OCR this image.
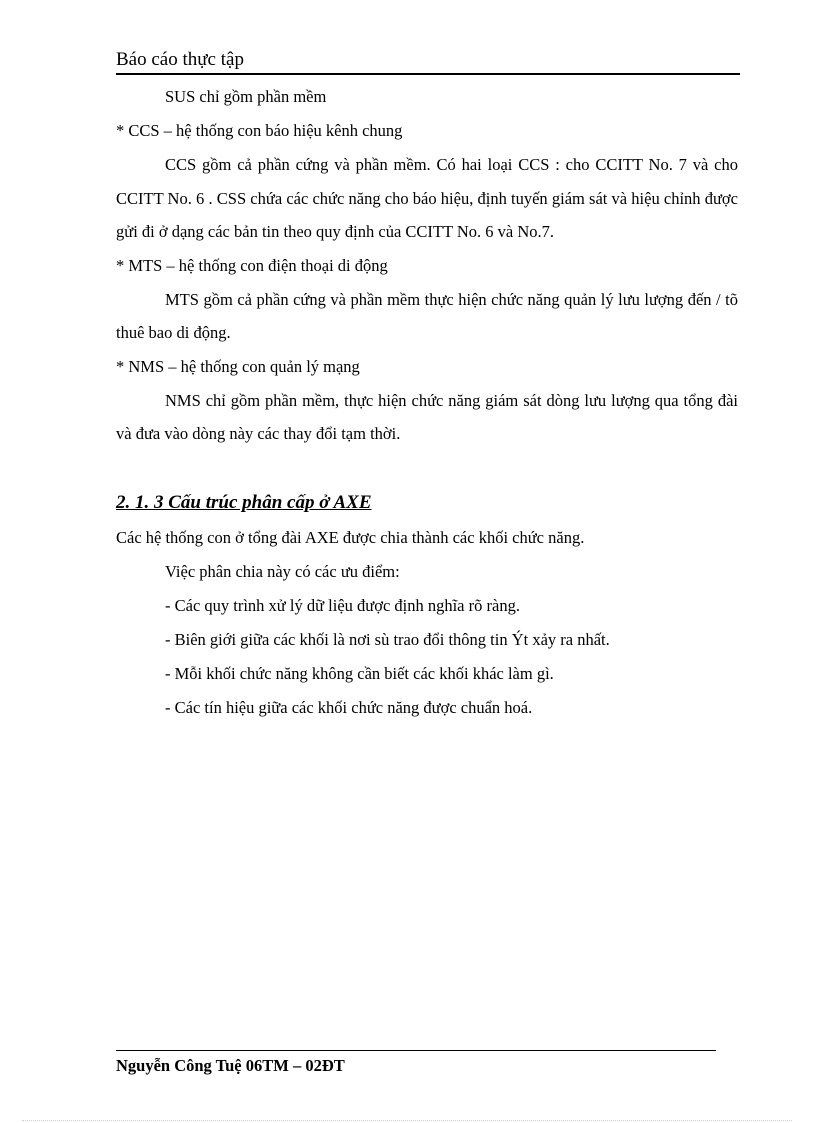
Báo cáo thực tập
SUS chỉ gồm phần mềm
* CCS – hệ thống con báo hiệu kênh chung

CCS gồm cả phần cứng và phần mềm. Có hai loại CCS : cho CCITT No. 7 và cho CCITT No. 6 . CSS chứa các chức năng cho báo hiệu, định tuyến giám sát và hiệu chỉnh được gửi đi ở dạng các bản tin theo quy định của CCITT No. 6 và No.7.

* MTS – hệ thống con điện thoại di động

MTS gồm cả phần cứng và phần mềm thực hiện chức năng quản lý lưu lượng đến / tõ thuê bao di động.

* NMS – hệ thống con quản lý mạng

NMS chỉ gồm phần mềm, thực hiện chức năng giám sát dòng lưu lượng qua tổng đài và đưa vào dòng này các thay đổi tạm thời.

2. 1. 3 Cấu trúc phân cấp ở AXE
Các hệ thống con ở tổng đài AXE được chia thành các khối chức năng.
Việc phân chia này có các ưu điểm:
- Các quy trình xử lý dữ liệu được định nghĩa rõ ràng.
- Biên giới giữa các khối là nơi sù trao đổi thông tin Ýt xảy ra nhất.
- Mỗi khối chức năng không cần biết các khối khác làm gì.
- Các tín hiệu giữa các khối chức năng được chuẩn hoá.
Nguyễn Công Tuệ 06TM – 02ĐT
